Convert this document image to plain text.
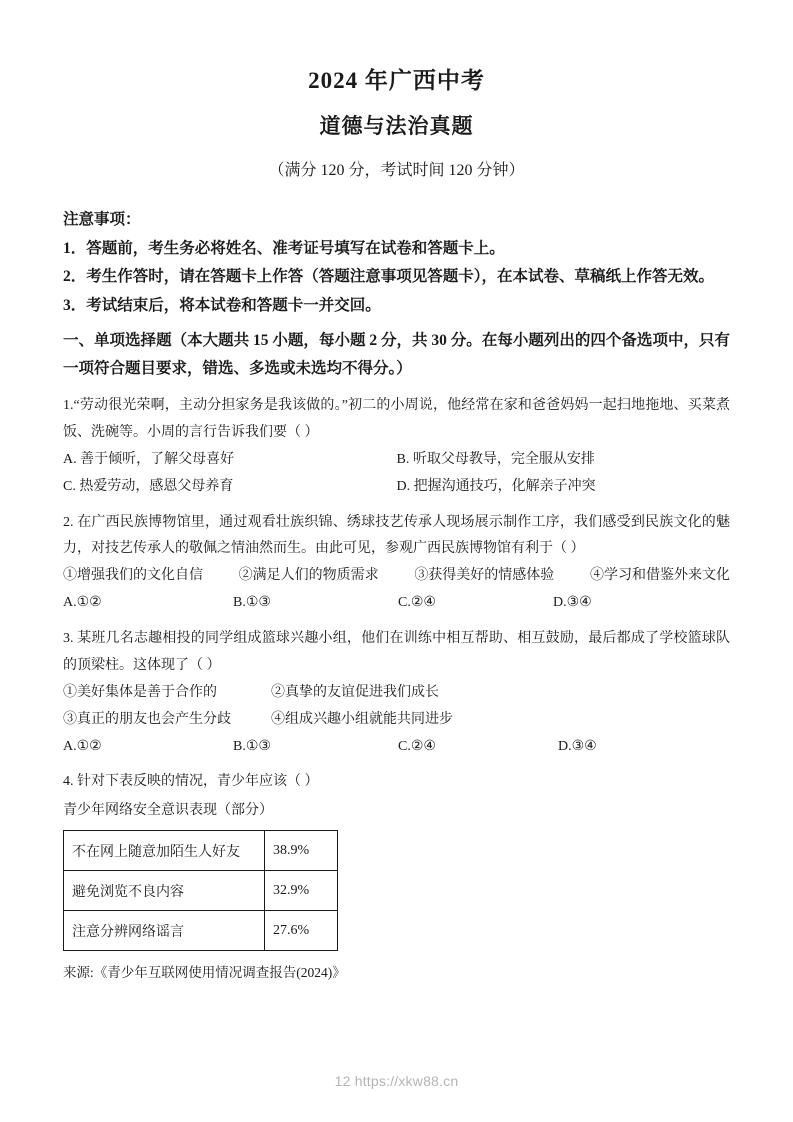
2024 年广西中考
道德与法治真题
（满分 120 分，考试时间 120 分钟）
注意事项：
1．答题前，考生务必将姓名、准考证号填写在试卷和答题卡上。
2．考生作答时，请在答题卡上作答（答题注意事项见答题卡），在本试卷、草稿纸上作答无效。
3．考试结束后，将本试卷和答题卡一并交回。
一、单项选择题（本大题共 15 小题，每小题 2 分，共 30 分。在每小题列出的四个备选项中，只有一项符合题目要求，错选、多选或未选均不得分。）
1.“劳动很光荣啊，主动分担家务是我该做的。”初二的小周说，他经常在家和爸爸妈妈一起扫地拖地、买菜煮饭、洗碗等。小周的言行告诉我们要（ ）
A. 善于倾听，了解父母喜好	B. 听取父母教导，完全服从安排
C. 热爱劳动，感恩父母养育	D. 把握沟通技巧，化解亲子冲突
2. 在广西民族博物馆里，通过观看壮族织锦、绣球技艺传承人现场展示制作工序，我们感受到民族文化的魅力，对技艺传承人的敬佩之情油然而生。由此可见，参观广西民族博物馆有利于（ ）
①增强我们的文化自信	②满足人们的物质需求	③获得美好的情感体验	④学习和借鉴外来文化
A.①②	B.①③	C.②④	D.③④
3. 某班几名志趣相投的同学组成篮球兴趣小组，他们在训练中相互帮助、相互鼓励，最后都成了学校篮球队的顶梁柱。这体现了（ ）
①美好集体是善于合作的	②真挚的友谊促进我们成长
③真正的朋友也会产生分歧	④组成兴趣小组就能共同进步
A.①②	B.①③	C.②④	D.③④
4. 针对下表反映的情况，青少年应该（ ）
青少年网络安全意识表现（部分）
不在网上随意加陌生人好友	38.9%
避免浏览不良内容	32.9%
注意分辨网络谣言	27.6%
来源:《青少年互联网使用情况调查报告(2024)》
12 https://xkw88.cn
